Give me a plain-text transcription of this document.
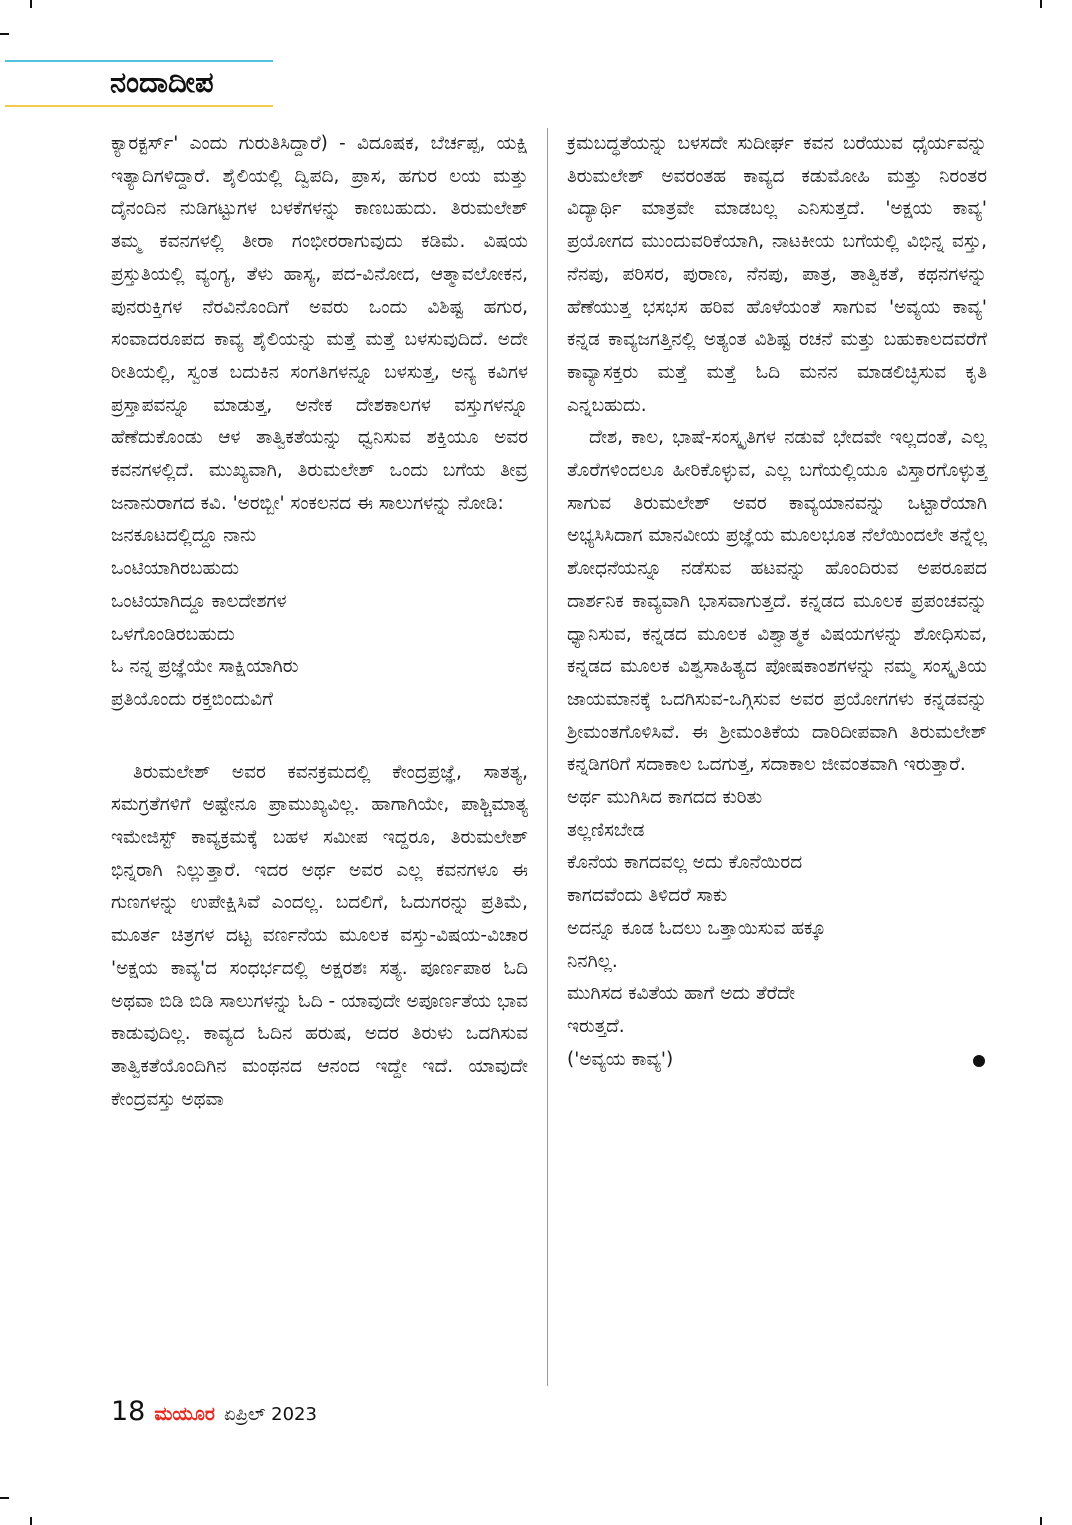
ನಂದಾದೀಪ

ಕ್ಯಾರಕ್ಟರ್ಸ್' ಎಂದು ಗುರುತಿಸಿದ್ದಾರೆ) - ವಿದೂಷಕ, ಬೆರ್ಚಪ್ಪ, ಯಕ್ಷಿ ಇತ್ಯಾದಿಗಳಿದ್ದಾರೆ. ಶೈಲಿಯಲ್ಲಿ ದ್ವಿಪದಿ, ಪ್ರಾಸ, ಹಗುರ ಲಯ ಮತ್ತು ದೈನಂದಿನ ನುಡಿಗಟ್ಟುಗಳ ಬಳಕೆಗಳನ್ನು ಕಾಣಬಹುದು. ತಿರುಮಲೇಶ್ ತಮ್ಮ ಕವನಗಳಲ್ಲಿ ತೀರಾ ಗಂಭೀರರಾಗುವುದು ಕಡಿಮೆ. ವಿಷಯ ಪ್ರಸ್ತುತಿಯಲ್ಲಿ ವ್ಯಂಗ್ಯ, ತೆಳು ಹಾಸ್ಯ, ಪದ-ವಿನೋದ, ಆತ್ಮಾವಲೋಕನ, ಪುನರುಕ್ತಿಗಳ ನೆರವಿನೊಂದಿಗೆ ಅವರು ಒಂದು ವಿಶಿಷ್ಟ ಹಗುರ, ಸಂವಾದರೂಪದ ಕಾವ್ಯ ಶೈಲಿಯನ್ನು ಮತ್ತೆ ಮತ್ತೆ ಬಳಸುವುದಿದೆ. ಅದೇ ರೀತಿಯಲ್ಲಿ, ಸ್ವಂತ ಬದುಕಿನ ಸಂಗತಿಗಳನ್ನೂ ಬಳಸುತ್ತ, ಅನ್ಯ ಕವಿಗಳ ಪ್ರಸ್ತಾಪವನ್ನೂ ಮಾಡುತ್ತ, ಅನೇಕ ದೇಶಕಾಲಗಳ ವಸ್ತುಗಳನ್ನೂ ಹೆಣೆದುಕೊಂಡು ಆಳ ತಾತ್ವಿಕತೆಯನ್ನು ಧ್ವನಿಸುವ ಶಕ್ತಿಯೂ ಅವರ ಕವನಗಳಲ್ಲಿದೆ. ಮುಖ್ಯವಾಗಿ, ತಿರುಮಲೇಶ್ ಒಂದು ಬಗೆಯ ತೀವ್ರ ಜನಾನುರಾಗದ ಕವಿ. 'ಅರಬ್ಬೀ' ಸಂಕಲನದ ಈ ಸಾಲುಗಳನ್ನು ನೋಡಿ:

ಜನಕೂಟದಲ್ಲಿದ್ದೂ ನಾನು
ಒಂಟಿಯಾಗಿರಬಹುದು
ಒಂಟಿಯಾಗಿದ್ದೂ ಕಾಲದೇಶಗಳ
ಒಳಗೊಂಡಿರಬಹುದು
ಓ ನನ್ನ ಪ್ರಜ್ಞೆಯೇ ಸಾಕ್ಷಿಯಾಗಿರು
ಪ್ರತಿಯೊಂದು ರಕ್ತಬಿಂದುವಿಗೆ

ತಿರುಮಲೇಶ್ ಅವರ ಕವನಕ್ರಮದಲ್ಲಿ ಕೇಂದ್ರಪ್ರಜ್ಞೆ, ಸಾತತ್ಯ, ಸಮಗ್ರತೆಗಳಿಗೆ ಅಷ್ಟೇನೂ ಪ್ರಾಮುಖ್ಯವಿಲ್ಲ. ಹಾಗಾಗಿಯೇ, ಪಾಶ್ಚಿಮಾತ್ಯ ಇಮೇಜಿಸ್ಟ್ ಕಾವ್ಯಕ್ರಮಕ್ಕೆ ಬಹಳ ಸಮೀಪ ಇದ್ದರೂ, ತಿರುಮಲೇಶ್ ಭಿನ್ನರಾಗಿ ನಿಲ್ಲುತ್ತಾರೆ. ಇದರ ಅರ್ಥ ಅವರ ಎಲ್ಲ ಕವನಗಳೂ ಈ ಗುಣಗಳನ್ನು ಉಪೇಕ್ಷಿಸಿವೆ ಎಂದಲ್ಲ. ಬದಲಿಗೆ, ಓದುಗರನ್ನು ಪ್ರತಿಮೆ, ಮೂರ್ತ ಚಿತ್ರಗಳ ದಟ್ಟ ವರ್ಣನೆಯ ಮೂಲಕ ವಸ್ತು-ವಿಷಯ-ವಿಚಾರ 'ಅಕ್ಷಯ ಕಾವ್ಯ'ದ ಸಂಧರ್ಭದಲ್ಲಿ ಅಕ್ಷರಶಃ ಸತ್ಯ. ಪೂರ್ಣಪಾಠ ಓದಿ ಅಥವಾ ಬಿಡಿ ಬಿಡಿ ಸಾಲುಗಳನ್ನು ಓದಿ - ಯಾವುದೇ ಅಪೂರ್ಣತೆಯ ಭಾವ ಕಾಡುವುದಿಲ್ಲ. ಕಾವ್ಯದ ಓದಿನ ಹರುಷ, ಅದರ ತಿರುಳು ಒದಗಿಸುವ ತಾತ್ವಿಕತೆಯೊಂದಿಗಿನ ಮಂಥನದ ಆನಂದ ಇದ್ದೇ ಇದೆ. ಯಾವುದೇ ಕೇಂದ್ರವಸ್ತು ಅಥವಾ

ಕ್ರಮಬದ್ಧತೆಯನ್ನು ಬಳಸದೇ ಸುದೀರ್ಘ ಕವನ ಬರೆಯುವ ಧೈರ್ಯವನ್ನು ತಿರುಮಲೇಶ್ ಅವರಂತಹ ಕಾವ್ಯದ ಕಡುಮೋಹಿ ಮತ್ತು ನಿರಂತರ ವಿದ್ಯಾರ್ಥಿ ಮಾತ್ರವೇ ಮಾಡಬಲ್ಲ ಎನಿಸುತ್ತದೆ. 'ಅಕ್ಷಯ ಕಾವ್ಯ' ಪ್ರಯೋಗದ ಮುಂದುವರಿಕೆಯಾಗಿ, ನಾಟಕೀಯ ಬಗೆಯಲ್ಲಿ ವಿಭಿನ್ನ ವಸ್ತು, ನೆನಪು, ಪರಿಸರ, ಪುರಾಣ, ನೆನಪು, ಪಾತ್ರ, ತಾತ್ವಿಕತೆ, ಕಥನಗಳನ್ನು ಹೆಣೆಯುತ್ತ ಭಸಭಸ ಹರಿವ ಹೊಳೆಯಂತೆ ಸಾಗುವ 'ಅವ್ಯಯ ಕಾವ್ಯ' ಕನ್ನಡ ಕಾವ್ಯಜಗತ್ತಿನಲ್ಲಿ ಅತ್ಯಂತ ವಿಶಿಷ್ಟ ರಚನೆ ಮತ್ತು ಬಹುಕಾಲದವರೆಗೆ ಕಾವ್ಯಾಸಕ್ತರು ಮತ್ತೆ ಮತ್ತೆ ಓದಿ ಮನನ ಮಾಡಲಿಚ್ಛಿಸುವ ಕೃತಿ ಎನ್ನಬಹುದು.

ದೇಶ, ಕಾಲ, ಭಾಷೆ-ಸಂಸ್ಕೃತಿಗಳ ನಡುವೆ ಭೇದವೇ ಇಲ್ಲದಂತೆ, ಎಲ್ಲ ತೊರೆಗಳಿಂದಲೂ ಹೀರಿಕೊಳ್ಳುವ, ಎಲ್ಲ ಬಗೆಯಲ್ಲಿಯೂ ವಿಸ್ತಾರಗೊಳ್ಳುತ್ತ ಸಾಗುವ ತಿರುಮಲೇಶ್ ಅವರ ಕಾವ್ಯಯಾನವನ್ನು ಒಟ್ಟಾರೆಯಾಗಿ ಅಭ್ಯಸಿಸಿದಾಗ ಮಾನವೀಯ ಪ್ರಜ್ಞೆಯ ಮೂಲಭೂತ ನೆಲೆಯಿಂದಲೇ ತನ್ನೆಲ್ಲ ಶೋಧನೆಯನ್ನೂ ನಡೆಸುವ ಹಟವನ್ನು ಹೊಂದಿರುವ ಅಪರೂಪದ ದಾರ್ಶನಿಕ ಕಾವ್ಯವಾಗಿ ಭಾಸವಾಗುತ್ತದೆ. ಕನ್ನಡದ ಮೂಲಕ ಪ್ರಪಂಚವನ್ನು ಧ್ಯಾನಿಸುವ, ಕನ್ನಡದ ಮೂಲಕ ವಿಶ್ವಾತ್ಮಕ ವಿಷಯಗಳನ್ನು ಶೋಧಿಸುವ, ಕನ್ನಡದ ಮೂಲಕ ವಿಶ್ವಸಾಹಿತ್ಯದ ಪೋಷಕಾಂಶಗಳನ್ನು ನಮ್ಮ ಸಂಸ್ಕೃತಿಯ ಜಾಯಮಾನಕ್ಕೆ ಒದಗಿಸುವ-ಒಗ್ಗಿಸುವ ಅವರ ಪ್ರಯೋಗಗಳು ಕನ್ನಡವನ್ನು ಶ್ರೀಮಂತಗೊಳಿಸಿವೆ. ಈ ಶ್ರೀಮಂತಿಕೆಯ ದಾರಿದೀಪವಾಗಿ ತಿರುಮಲೇಶ್ ಕನ್ನಡಿಗರಿಗೆ ಸದಾಕಾಲ ಒದಗುತ್ತ, ಸದಾಕಾಲ ಜೀವಂತವಾಗಿ ಇರುತ್ತಾರೆ.

ಅರ್ಥ ಮುಗಿಸಿದ ಕಾಗದದ ಕುರಿತು
ತಲ್ಲಣಿಸಬೇಡ
ಕೊನೆಯ ಕಾಗದವಲ್ಲ ಅದು ಕೊನೆಯಿರದ
ಕಾಗದವೆಂದು ತಿಳಿದರೆ ಸಾಕು
ಅದನ್ನೂ ಕೂಡ ಓದಲು ಒತ್ತಾಯಿಸುವ ಹಕ್ಕೂ
ನಿನಗಿಲ್ಲ.
ಮುಗಿಸದ ಕವಿತೆಯ ಹಾಗೆ ಅದು ತೆರೆದೇ
ಇರುತ್ತದೆ.
('ಅವ್ಯಯ ಕಾವ್ಯ')
18 ಮಯೂರ ಏಪ್ರಿಲ್ 2023
